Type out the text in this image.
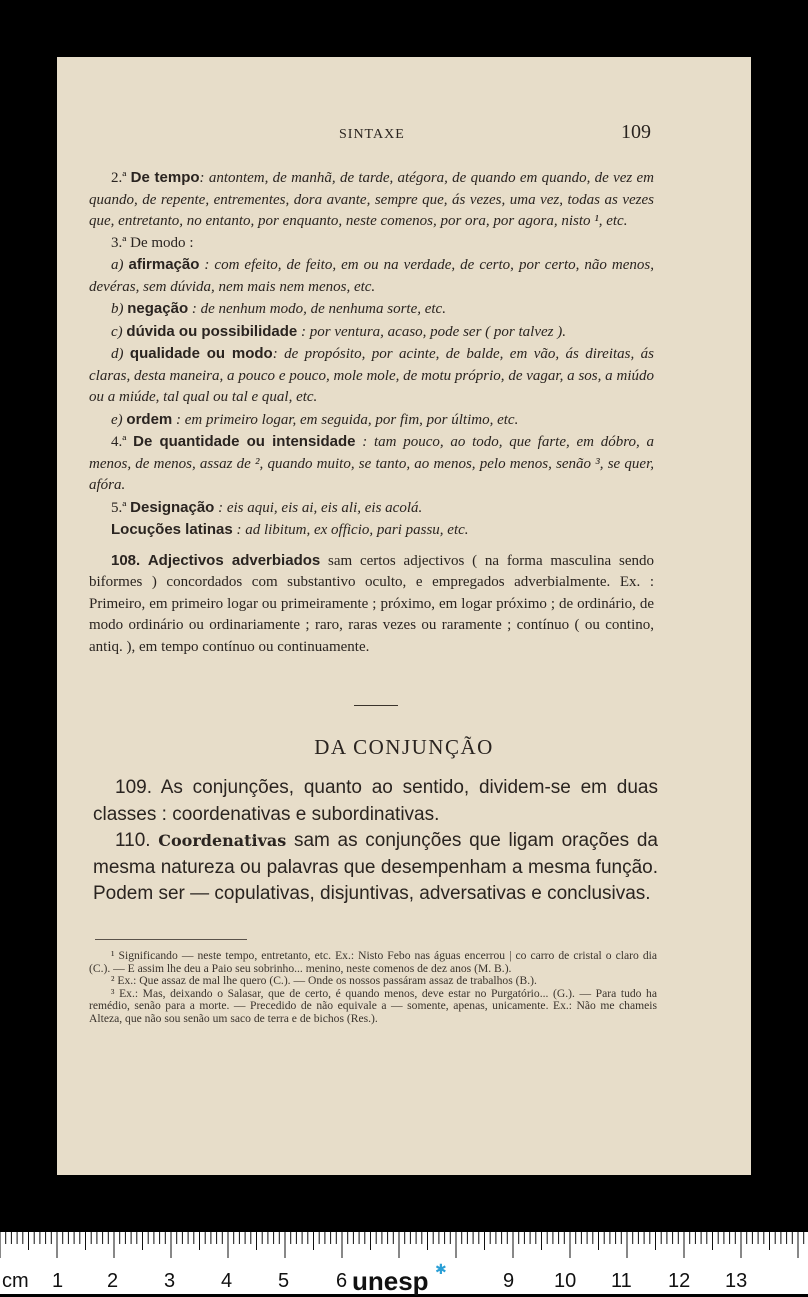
SINTAXE	109

2.ª De tempo: antontem, de manhã, de tarde, atégora, de quando em quando, de vez em quando, de repente, entrementes, dora avante, sempre que, ás vezes, uma vez, todas as vezes que, entretanto, no entanto, por enquanto, neste comenos, por ora, por agora, nisto ¹, etc.

3.ª De modo :

a) afirmação : com efeito, de feito, em ou na verdade, de certo, por certo, não menos, devéras, sem dúvida, nem mais nem menos, etc.

b) negação : de nenhum modo, de nenhuma sorte, etc.

c) dúvida ou possibilidade : por ventura, acaso, pode ser ( por talvez ).

d) qualidade ou modo: de propósito, por acinte, de balde, em vão, ás direitas, ás claras, desta maneira, a pouco e pouco, mole mole, de motu próprio, de vagar, a sos, a miúdo ou a miúde, tal qual ou tal e qual, etc.

e) ordem : em primeiro logar, em seguida, por fim, por último, etc.

4.ª De quantidade ou intensidade : tam pouco, ao todo, que farte, em dóbro, a menos, de menos, assaz de ², quando muito, se tanto, ao menos, pelo menos, senão ³, se quer, afóra.

5.ª Designação : eis aqui, eis ai, eis ali, eis acolá.

Locuções latinas : ad libitum, ex officio, pari passu, etc.

108. Adjectivos adverbiados sam certos adjectivos ( na forma masculina sendo biformes ) concordados com substantivo oculto, e empregados adverbialmente. Ex. : Primeiro, em primeiro logar ou primeiramente ; próximo, em logar próximo ; de ordinário, de modo ordinário ou ordinariamente ; raro, raras vezes ou raramente ; contínuo ( ou contino, antiq. ), em tempo contínuo ou continuamente.

DA CONJUNÇÃO

109. As conjunções, quanto ao sentido, dividem-se em duas classes : coordenativas e subordinativas.

110. Coordenativas sam as conjunções que ligam orações da mesma natureza ou palavras que desempenham a mesma função. Podem ser — copulativas, disjuntivas, adversativas e conclusivas.

¹ Significando — neste tempo, entretanto, etc. Ex.: Nisto Febo nas águas encerrou | co carro de cristal o claro dia (C.). — E assim lhe deu a Paio seu sobrinho... menino, neste comenos de dez anos (M. B.).

² Ex.: Que assaz de mal lhe quero (C.). — Onde os nossos passáram assaz de trabalhos (B.).

³ Ex.: Mas, deixando o Salasar, que de certo, é quando menos, deve estar no Purgatório... (G.). — Para tudo ha remédio, senão para a morte. — Precedido de não equivale a — somente, apenas, unicamente. Ex.: Não me chameis Alteza, que não sou senão um saco de terra e de bichos (Res.).

cm 1 2 3 4 5 6 unesp ✱	9 10 11 12 13
